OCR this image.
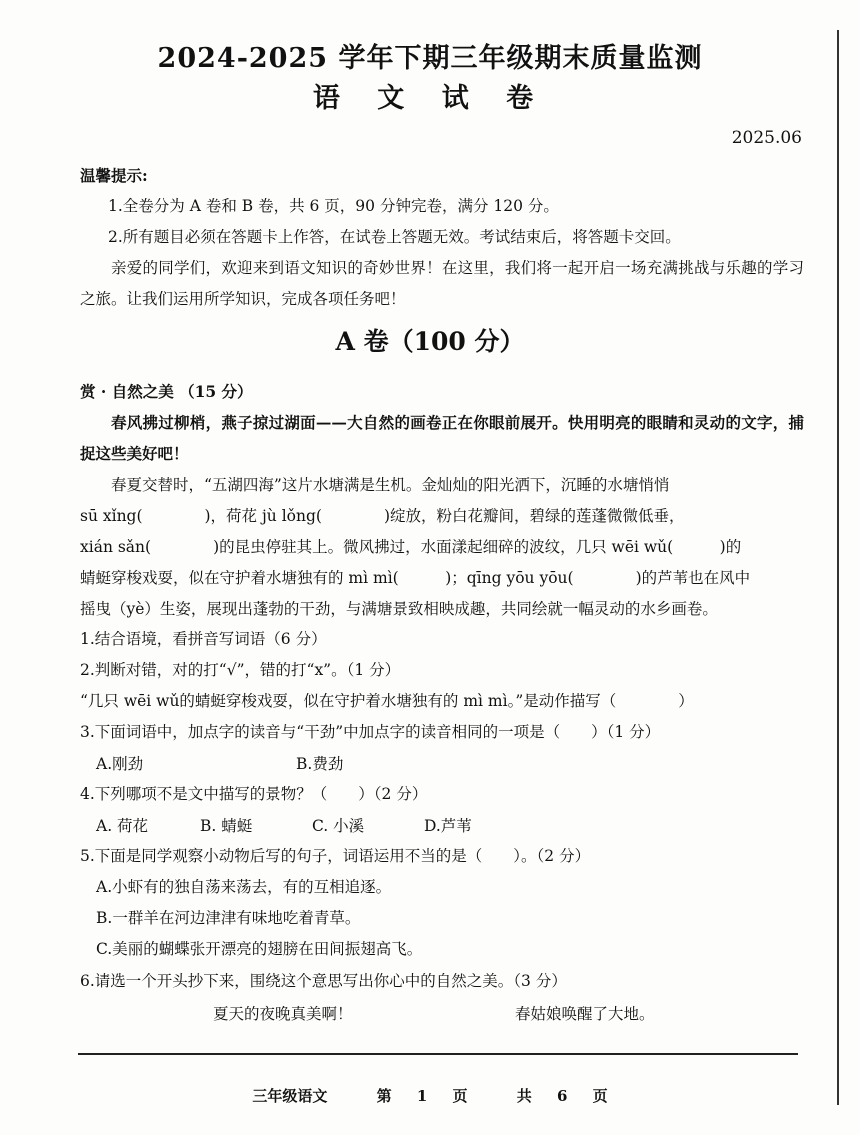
2024-2025 学年下期三年级期末质量监测
语 文 试 卷
2025.06
温馨提示:
1.全卷分为 A 卷和 B 卷，共 6 页，90 分钟完卷，满分 120 分。
2.所有题目必须在答题卡上作答，在试卷上答题无效。考试结束后，将答题卡交回。
亲爱的同学们，欢迎来到语文知识的奇妙世界！在这里，我们将一起开启一场充满挑战与乐趣的学习之旅。让我们运用所学知识，完成各项任务吧！
A 卷（100 分）
赏 · 自然之美 （15 分）
春风拂过柳梢，燕子掠过湖面——大自然的画卷正在你眼前展开。快用明亮的眼睛和灵动的文字，捕捉这些美好吧！
春夏交替时，“五湖四海”这片水塘满是生机。金灿灿的阳光洒下，沉睡的水塘悄悄
sū xǐng(　　　　)，荷花 jù lǒng(　　　　)绽放，粉白花瓣间，碧绿的莲蓬微微低垂，
xián sǎn(　　　　)的昆虫停驻其上。微风拂过，水面漾起细碎的波纹，几只 wēi wǔ(　　　)的
蜻蜓穿梭戏耍，似在守护着水塘独有的 mì mì(　　　)；qīng yōu yōu(　　　　)的芦苇也在风中
摇曳（yè）生姿，展现出蓬勃的干劲，与满塘景致相映成趣，共同绘就一幅灵动的水乡画卷。
1.结合语境，看拼音写词语（6 分）
2.判断对错，对的打“√”，错的打“x”。（1 分）
“几只 wēi wǔ的蜻蜓穿梭戏耍，似在守护着水塘独有的 mì mì。”是动作描写（　　　　）
3.下面词语中，加点字的读音与“干劲”中加点字的读音相同的一项是（　　）（1 分）
A.刚劲	B.费劲
4.下列哪项不是文中描写的景物？（　　）（2 分）
A. 荷花	B. 蜻蜓	C. 小溪	D.芦苇
5.下面是同学观察小动物后写的句子，词语运用不当的是（　　）。（2 分）
A.小虾有的独自荡来荡去，有的互相追逐。
B.一群羊在河边津津有味地吃着青草。
C.美丽的蝴蝶张开漂亮的翅膀在田间振翅高飞。
6.请选一个开头抄下来，围绕这个意思写出你心中的自然之美。（3 分）
夏天的夜晚真美啊！	春姑娘唤醒了大地。
三年级语文	第 1 页	共 6 页
